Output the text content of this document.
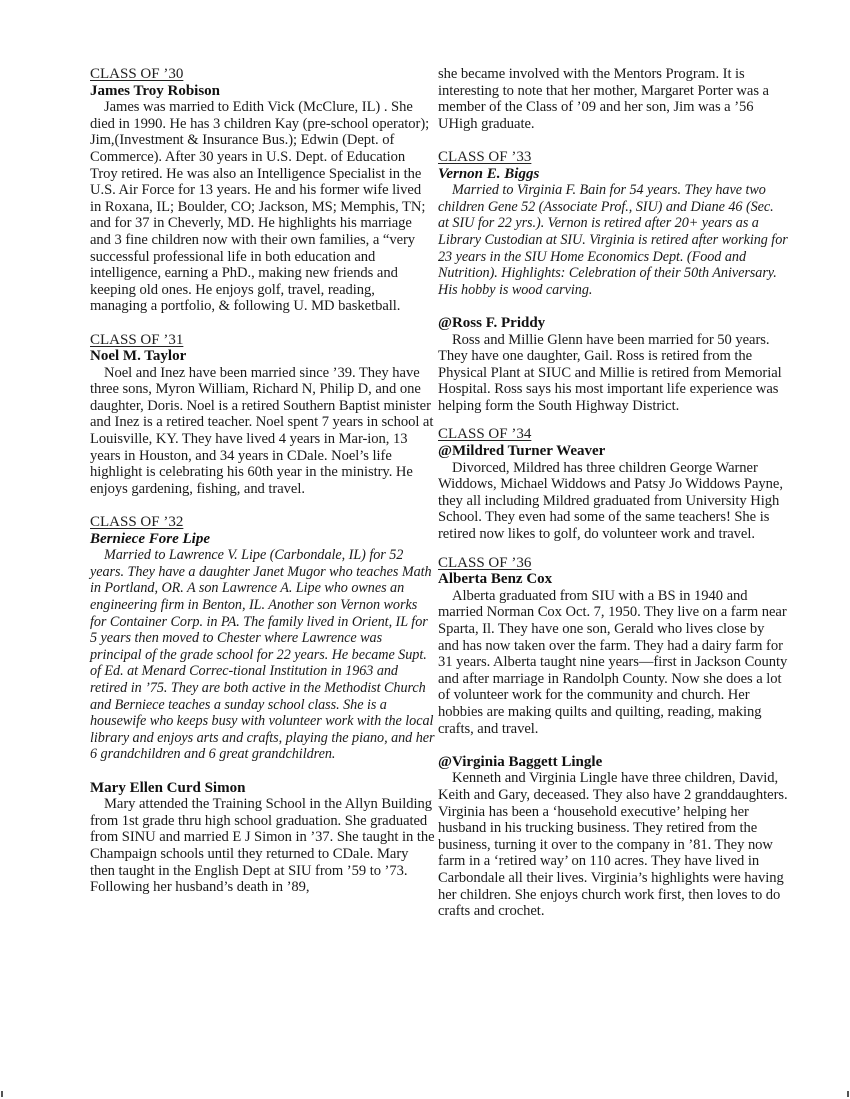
CLASS OF ’30
James Troy Robison

James was married to Edith Vick (McClure, IL) . She died in 1990. He has 3 children Kay (pre-school operator); Jim,(Investment & Insurance Bus.); Edwin (Dept. of Commerce). After 30 years in U.S. Dept. of Education Troy retired. He was also an Intelligence Specialist in the U.S. Air Force for 13 years. He and his former wife lived in Roxana, IL; Boulder, CO; Jackson, MS; Memphis, TN; and for 37 in Cheverly, MD. He highlights his marriage and 3 fine children now with their own families, a “very successful professional life in both education and intelligence, earning a PhD., making new friends and keeping old ones. He enjoys golf, travel, reading, managing a portfolio, & following U. MD basketball.

CLASS OF ’31
Noel M. Taylor

Noel and Inez have been married since ’39. They have three sons, Myron William, Richard N, Philip D, and one daughter, Doris. Noel is a retired Southern Baptist minister and Inez is a retired teacher. Noel spent 7 years in school at Louisville, KY. They have lived 4 years in Mar-ion, 13 years in Houston, and 34 years in CDale. Noel’s life highlight is celebrating his 60th year in the ministry. He enjoys gardening, fishing, and travel.

CLASS OF ’32
Berniece Fore Lipe

Married to Lawrence V. Lipe (Carbondale, IL) for 52 years. They have a daughter Janet Mugor who teaches Math in Portland, OR. A son Lawrence A. Lipe who ownes an engineering firm in Benton, IL. Another son Vernon works for Container Corp. in PA. The family lived in Orient, IL for 5 years then moved to Chester where Lawrence was principal of the grade school for 22 years. He became Supt. of Ed. at Menard Correc-tional Institution in 1963 and retired in ’75. They are both active in the Methodist Church and Berniece teaches a sunday school class. She is a housewife who keeps busy with volunteer work with the local library and enjoys arts and crafts, playing the piano, and her 6 grandchildren and 6 great grandchildren.

Mary Ellen Curd Simon

Mary attended the Training School in the Allyn Building from 1st grade thru high school graduation. She graduated from SINU and married E J Simon in ’37. She taught in the Champaign schools until they returned to CDale. Mary then taught in the English Dept at SIU from ’59 to ’73. Following her husband’s death in ’89,

she became involved with the Mentors Program. It is interesting to note that her mother, Margaret Porter was a member of the Class of ’09 and her son, Jim was a ’56 UHigh graduate.

CLASS OF ’33
Vernon E. Biggs

Married to Virginia F. Bain for 54 years. They have two children Gene 52 (Associate Prof., SIU) and Diane 46 (Sec. at SIU for 22 yrs.). Vernon is retired after 20+ years as a Library Custodian at SIU. Virginia is retired after working for 23 years in the SIU Home Economics Dept. (Food and Nutrition). Highlights: Celebration of their 50th Aniversary. His hobby is wood carving.

@Ross F. Priddy

Ross and Millie Glenn have been married for 50 years. They have one daughter, Gail. Ross is retired from the Physical Plant at SIUC and Millie is retired from Memorial Hospital. Ross says his most important life experience was helping form the South Highway District.

CLASS OF ’34
@Mildred Turner Weaver

Divorced, Mildred has three children George Warner Widdows, Michael Widdows and Patsy Jo Widdows Payne, they all including Mildred graduated from University High School. They even had some of the same teachers! She is retired now likes to golf, do volunteer work and travel.

CLASS OF ’36
Alberta Benz Cox

Alberta graduated from SIU with a BS in 1940 and married Norman Cox Oct. 7, 1950. They live on a farm near Sparta, Il. They have one son, Gerald who lives close by and has now taken over the farm. They had a dairy farm for 31 years. Alberta taught nine years—first in Jackson County and after marriage in Randolph County. Now she does a lot of volunteer work for the community and church. Her hobbies are making quilts and quilting, reading, making crafts, and travel.

@Virginia Baggett Lingle

Kenneth and Virginia Lingle have three children, David, Keith and Gary, deceased. They also have 2 granddaughters. Virginia has been a ‘household executive’ helping her husband in his trucking business. They retired from the business, turning it over to the company in ’81. They now farm in a ‘retired way’ on 110 acres. They have lived in Carbondale all their lives. Virginia’s highlights were having her children. She enjoys church work first, then loves to do crafts and crochet.
